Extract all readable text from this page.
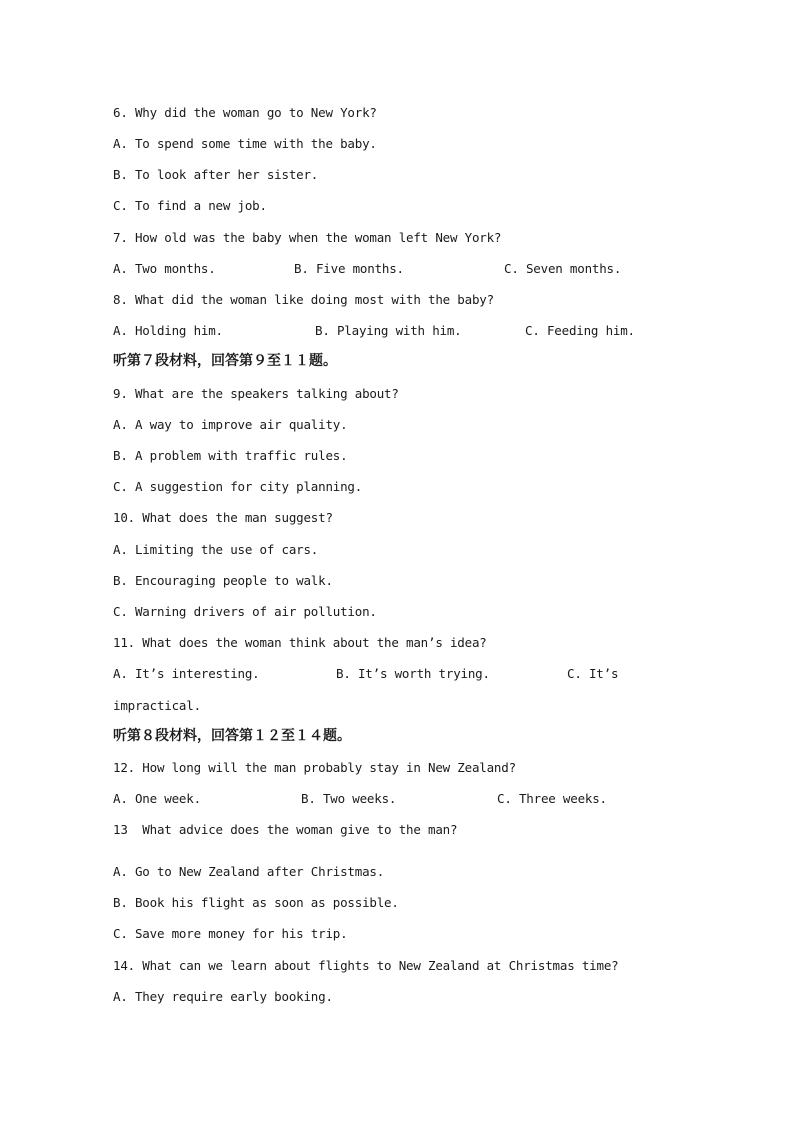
6. Why did the woman go to New York?
A. To spend some time with the baby.
B. To look after her sister.
C. To find a new job.
7. How old was the baby when the woman left New York?
A. Two months.	B. Five months.	C. Seven months.
8. What did the woman like doing most with the baby?
A. Holding him.	B. Playing with him.	C. Feeding him.
听第７段材料，回答第９至１１题。
9. What are the speakers talking about?
A. A way to improve air quality.
B. A problem with traffic rules.
C. A suggestion for city planning.
10. What does the man suggest?
A. Limiting the use of cars.
B. Encouraging people to walk.
C. Warning drivers of air pollution.
11. What does the woman think about the man’s idea?
A. It’s interesting.	B. It’s worth trying.	C. It’s
impractical.
听第８段材料，回答第１２至１４题。
12. How long will the man probably stay in New Zealand?
A. One week.	B. Two weeks.	C. Three weeks.
13  What advice does the woman give to the man?
A. Go to New Zealand after Christmas.
B. Book his flight as soon as possible.
C. Save more money for his trip.
14. What can we learn about flights to New Zealand at Christmas time?
A. They require early booking.
